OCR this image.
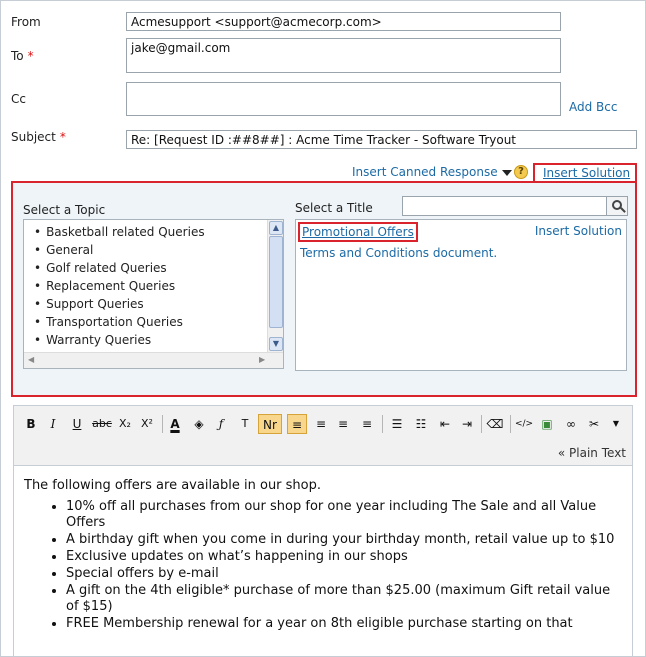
From	Acmesupport <support@acmecorp.com>
To *
jake@gmail.com
Cc
Add Bcc
Subject *	Re: [Request ID :##8##] : Acme Time Tracker - Software Tryout
Insert Canned Response	?	Insert Solution
Select a Topic
• Basketball related Queries
• General
• Golf related Queries
• Replacement Queries
• Support Queries
• Transportation Queries
• Warranty Queries
•
▲
▼
◀	▶
Select a Title
Promotional Offers	Insert Solution
Terms and Conditions document.
B	I	U abc X₂ X²	A	◈	ƒ	Nr
T	≡	≡ ≡	≡	☰	☷	⇤ ⇥	⌫ </> ▣	∞	✂	▼
« Plain Text

The following offers are available in our shop.

• 10% off all purchases from our shop for one year including The Sale and all Value Offers
• A birthday gift when you come in during your birthday month, retail value up to $10
• Exclusive updates on what’s happening in our shops
• Special offers by e-mail
• A gift on the 4th eligible* purchase of more than $25.00 (maximum Gift retail value of $15)
• FREE Membership renewal for a year on 8th eligible purchase starting on that
